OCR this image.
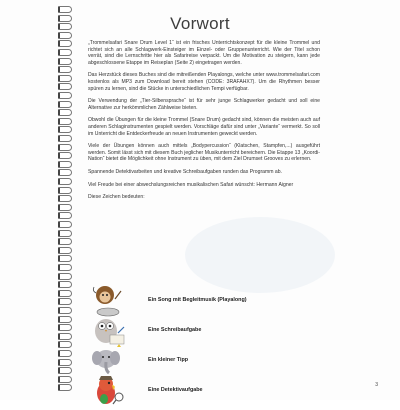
Vorwort

„Trommelsafari Snare Drum Level 1“ ist ein frisches Unterrichtskonzept für die kleine Trommel und richtet sich an alle Schlagwerk-Einsteiger im Einzel- oder Gruppenunterricht. Wie der Titel schon verrät, sind die Lernschritte hier als Safarireise verpackt. Um die Motivation zu steigern, kann jede abgeschlossene Etappe im Reiseplan (Seite 2) eingetragen werden.

Das Herzstück dieses Buches sind die mitreißenden Playalongs, welche unter www.trommelsafari.com kostenlos als MP3 zum Download bereit stehen (CODE: 3RAFAHX7). Um die Rhythmen besser spüren zu lernen, sind die Stücke in unterschiedlichen Tempi verfügbar.

Die Verwendung der „Tier-Silbensprache“ ist für sehr junge Schlagwerker gedacht und soll eine Alternative zur herkömmlichen Zählweise bieten.

Obwohl die Übungen für die kleine Trommel (Snare Drum) gedacht sind, können die meisten auch auf anderen Schlaginstrumenten gespielt werden. Vorschläge dafür sind unter „Variante“ vermerkt. So soll im Unterricht die Entdeckerfreude an neuen Instrumenten geweckt werden.

Viele der Übungen können auch mittels „Bodypercussion“ (Klatschen, Stampfen,...) ausgeführt werden. Somit lässt sich mit diesem Buch jeglicher Musikunterricht bereichern. Die Etappe 13 „Koordi-Nation“ bietet die Möglichkeit ohne Instrument zu üben, mit dem Ziel Drumset Grooves zu erlernen.

Spannende Detektivarbeiten und kreative Schreibaufgaben runden das Programm ab.

Viel Freude bei einer abwechslungsreichen musikalischen Safari wünscht: Hermann Aigner

Diese Zeichen bedeuten:

Ein Song mit Begleitmusik (Playalong)
Eine Schreibaufgabe
Ein kleiner Tipp
Eine Detektivaufgabe
3
